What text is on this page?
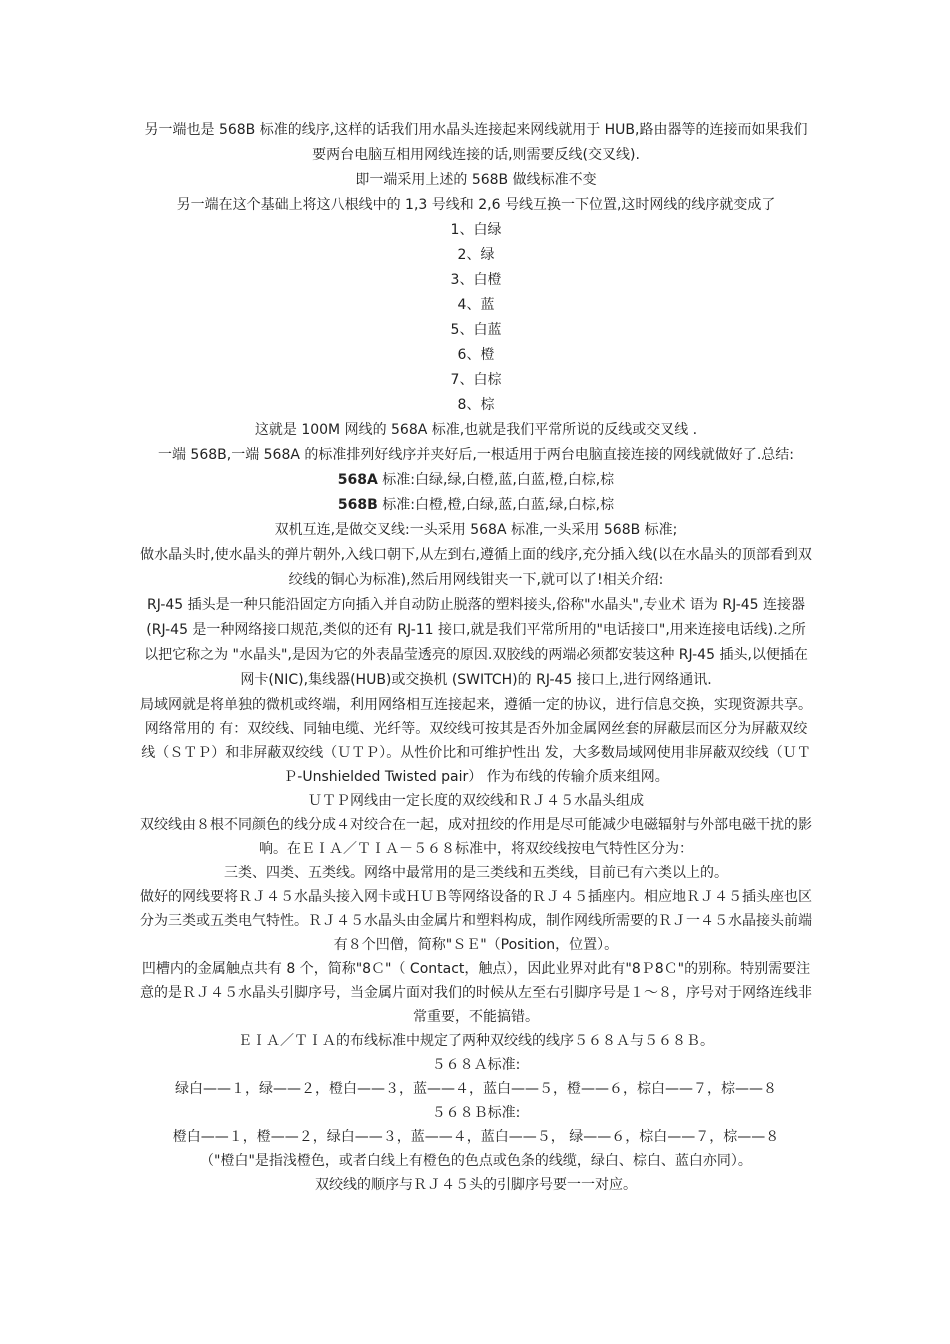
另一端也是 568B 标准的线序,这样的话我们用水晶头连接起来网线就用于 HUB,路由器等的连接而如果我们要两台电脑互相用网线连接的话,则需要反线(交叉线).

即一端采用上述的 568B 做线标准不变

另一端在这个基础上将这八根线中的 1,3 号线和 2,6 号线互换一下位置,这时网线的线序就变成了

1、白绿

2、绿

3、白橙

4、蓝

5、白蓝

6、橙

7、白棕

8、棕

这就是 100M 网线的 568A 标准,也就是我们平常所说的反线或交叉线 .

一端 568B,一端 568A 的标准排列好线序并夹好后,一根适用于两台电脑直接连接的网线就做好了.总结:

568A 标准:白绿,绿,白橙,蓝,白蓝,橙,白棕,棕

568B 标准:白橙,橙,白绿,蓝,白蓝,绿,白棕,棕

双机互连,是做交叉线:一头采用 568A 标准,一头采用 568B 标准;

做水晶头时,使水晶头的弹片朝外,入线口朝下,从左到右,遵循上面的线序,充分插入线(以在水晶头的顶部看到双绞线的铜心为标准),然后用网线钳夹一下,就可以了!相关介绍:

RJ-45 插头是一种只能沿固定方向插入并自动防止脱落的塑料接头,俗称"水晶头",专业术 语为 RJ-45 连接器(RJ-45 是一种网络接口规范,类似的还有 RJ-11 接口,就是我们平常所用的"电话接口",用来连接电话线).之所以把它称之为 "水晶头",是因为它的外表晶莹透亮的原因.双胶线的两端必须都安装这种 RJ-45 插头,以便插在网卡(NIC),集线器(HUB)或交换机 (SWITCH)的 RJ-45 接口上,进行网络通讯.

局域网就是将单独的微机或终端，利用网络相互连接起来，遵循一定的协议，进行信息交换，实现资源共享。网络常用的 有：双绞线、同轴电缆、光纤等。双绞线可按其是否外加金属网丝套的屏蔽层而区分为屏蔽双绞线（ＳＴＰ）和非屏蔽双绞线（ＵＴＰ）。从性价比和可维护性出 发，大多数局域网使用非屏蔽双绞线（ＵＴＰ-Unshielded Twisted pair） 作为布线的传输介质来组网。

ＵＴＰ网线由一定长度的双绞线和ＲＪ４５水晶头组成

双绞线由８根不同颜色的线分成４对绞合在一起，成对扭绞的作用是尽可能减少电磁辐射与外部电磁干扰的影响。在ＥＩＡ／ＴＩＡ－５６８标准中，将双绞线按电气特性区分为：

三类、四类、五类线。网络中最常用的是三类线和五类线，目前已有六类以上的。

做好的网线要将ＲＪ４５水晶头接入网卡或ＨＵＢ等网络设备的ＲＪ４５插座内。相应地ＲＪ４５插头座也区分为三类或五类电气特性。ＲＪ４５水晶头由金属片和塑料构成，制作网线所需要的ＲＪ一４５水晶接头前端有８个凹僧，简称"ＳＥ"（Position，位置）。

凹槽内的金属触点共有 8 个，简称"8Ｃ"（ Contact，触点），因此业界对此有"8Ｐ8Ｃ"的别称。特别需要注意的是ＲＪ４５水晶头引脚序号，当金属片面对我们的时候从左至右引脚序号是１～８，序号对于网络连线非常重要，不能搞错。

ＥＩＡ／ＴＩＡ的布线标准中规定了两种双绞线的线序５６８Ａ与５６８Ｂ。

５６８Ａ标准:

绿白——１，绿——２，橙白——３，蓝——４，蓝白——５，橙——６，棕白——７，棕——８

５６８Ｂ标准:

橙白——１，橙——２，绿白——３，蓝——４，蓝白——５， 绿——６，棕白——７，棕——８

（"橙白"是指浅橙色，或者白线上有橙色的色点或色条的线缆，绿白、棕白、蓝白亦同）。

双绞线的顺序与ＲＪ４５头的引脚序号要一一对应。
